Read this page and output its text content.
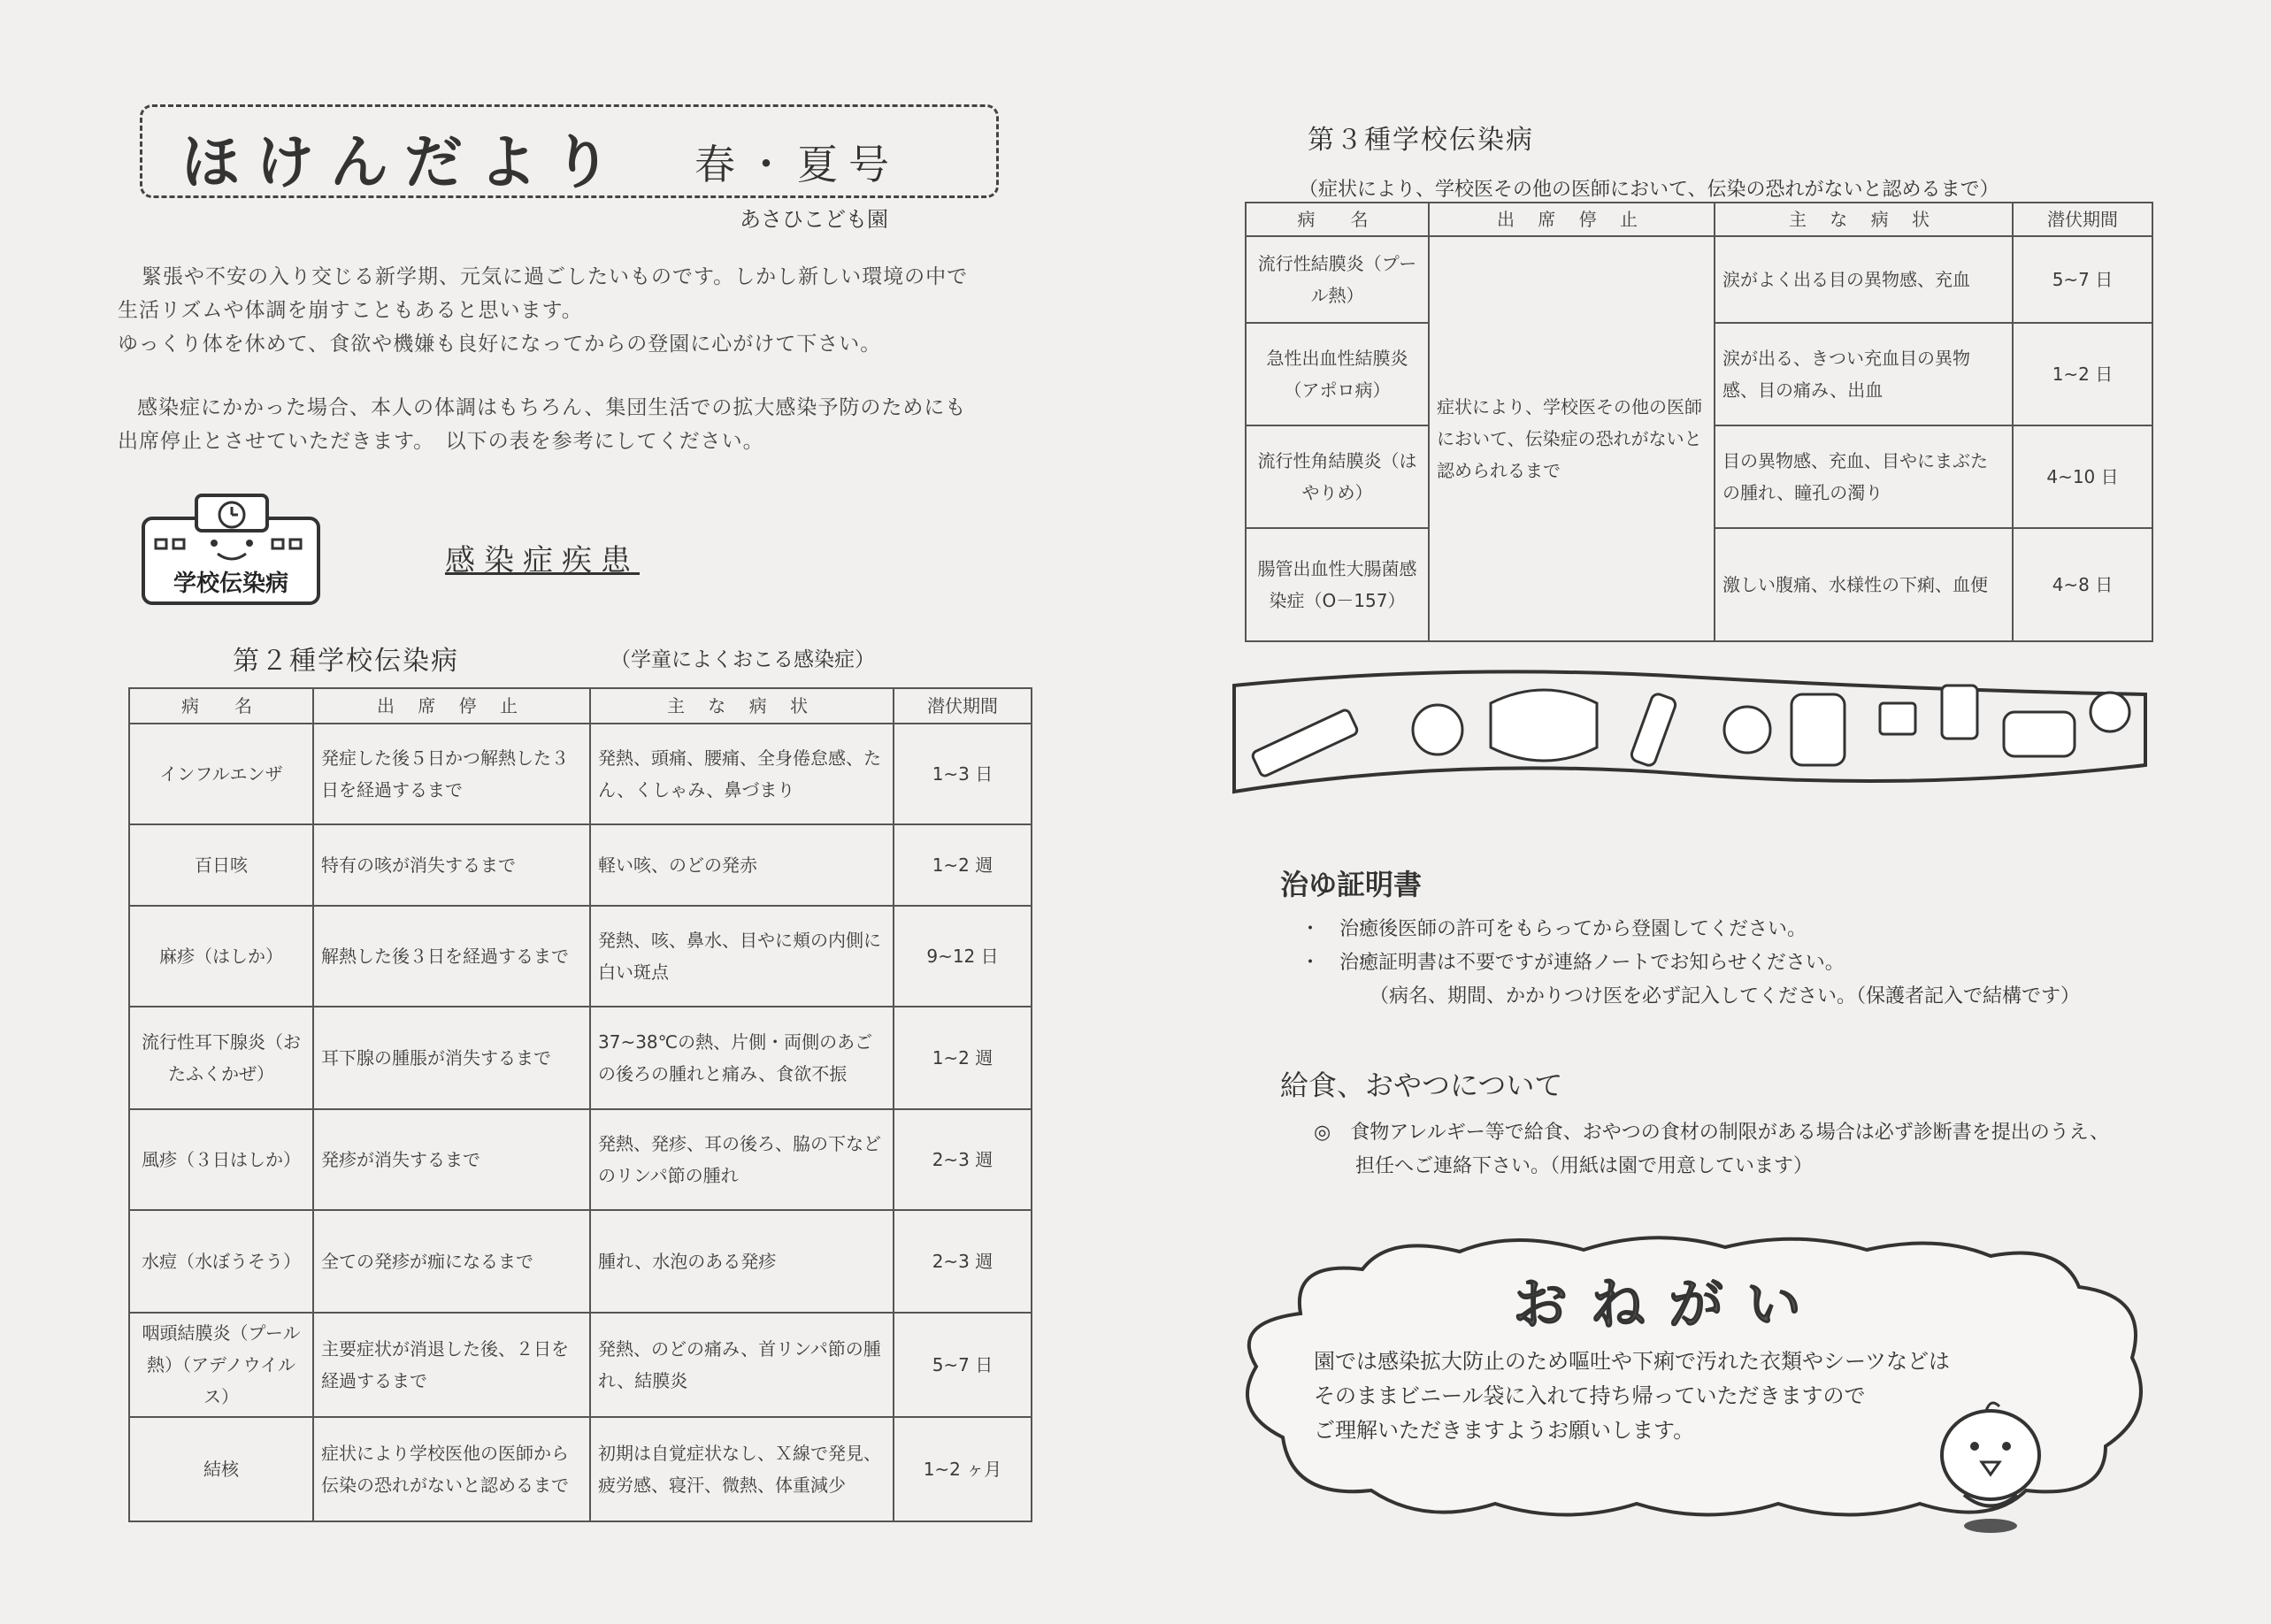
ほけんだより 春・夏号
あさひこども園
緊張や不安の入り交じる新学期、元気に過ごしたいものです。しかし新しい環境の中で
生活リズムや体調を崩すこともあると思います。
ゆっくり体を休めて、食欲や機嫌も良好になってからの登園に心がけて下さい。
感染症にかかった場合、本人の体調はもちろん、集団生活での拡大感染予防のためにも
出席停止とさせていただきます。　以下の表を参考にしてください。
学校伝染病
感染症疾患
第２種学校伝染病	（学童によくおこる感染症）
病　名	出 席 停 止	主 な 病 状	潜伏期間
インフルエンザ	発症した後５日かつ解熱した３日を経過するまで	発熱、頭痛、腰痛、全身倦怠感、たん、くしゃみ、鼻づまり	1~3 日
百日咳	特有の咳が消失するまで	軽い咳、のどの発赤	1~2 週
麻疹（はしか）	解熱した後３日を経過するまで	発熱、咳、鼻水、目やに頬の内側に白い斑点	9~12 日
流行性耳下腺炎（おたふくかぜ）	耳下腺の腫脹が消失するまで	37~38℃の熱、片側・両側のあごの後ろの腫れと痛み、食欲不振	1~2 週
風疹（３日はしか）	発疹が消失するまで	発熱、発疹、耳の後ろ、脇の下などのリンパ節の腫れ	2~3 週
水痘（水ぼうそう）	全ての発疹が痂になるまで	腫れ、水泡のある発疹	2~3 週
咽頭結膜炎（プール熱）（アデノウイルス）	主要症状が消退した後、２日を経過するまで	発熱、のどの痛み、首リンパ節の腫れ、結膜炎	5~7 日
結核	症状により学校医他の医師から伝染の恐れがないと認めるまで	初期は自覚症状なし、Ｘ線で発見、疲労感、寝汗、微熱、体重減少	1~2 ヶ月
第３種学校伝染病
（症状により、学校医その他の医師において、伝染の恐れがないと認めるまで）
病　名	出 席 停 止	主 な 病 状	潜伏期間
流行性結膜炎（プール熱）	症状により、学校医その他の医師において、伝染症の恐れがないと認められるまで	涙がよく出る目の異物感、充血	5~7 日
急性出血性結膜炎（アポロ病）		涙が出る、きつい充血目の異物感、目の痛み、出血	1~2 日
流行性角結膜炎（はやりめ）		目の異物感、充血、目やにまぶたの腫れ、瞳孔の濁り	4~10 日
腸管出血性大腸菌感染症（O－157）		激しい腹痛、水様性の下痢、血便	4~8 日
治ゆ証明書
・　治癒後医師の許可をもらってから登園してください。
・　治癒証明書は不要ですが連絡ノートでお知らせください。
（病名、期間、かかりつけ医を必ず記入してください。（保護者記入で結構です）
給食、おやつについて
◎　食物アレルギー等で給食、おやつの食材の制限がある場合は必ず診断書を提出のうえ、
担任へご連絡下さい。（用紙は園で用意しています）
おねがい
園では感染拡大防止のため嘔吐や下痢で汚れた衣類やシーツなどは
そのままビニール袋に入れて持ち帰っていただきますので
ご理解いただきますようお願いします。
